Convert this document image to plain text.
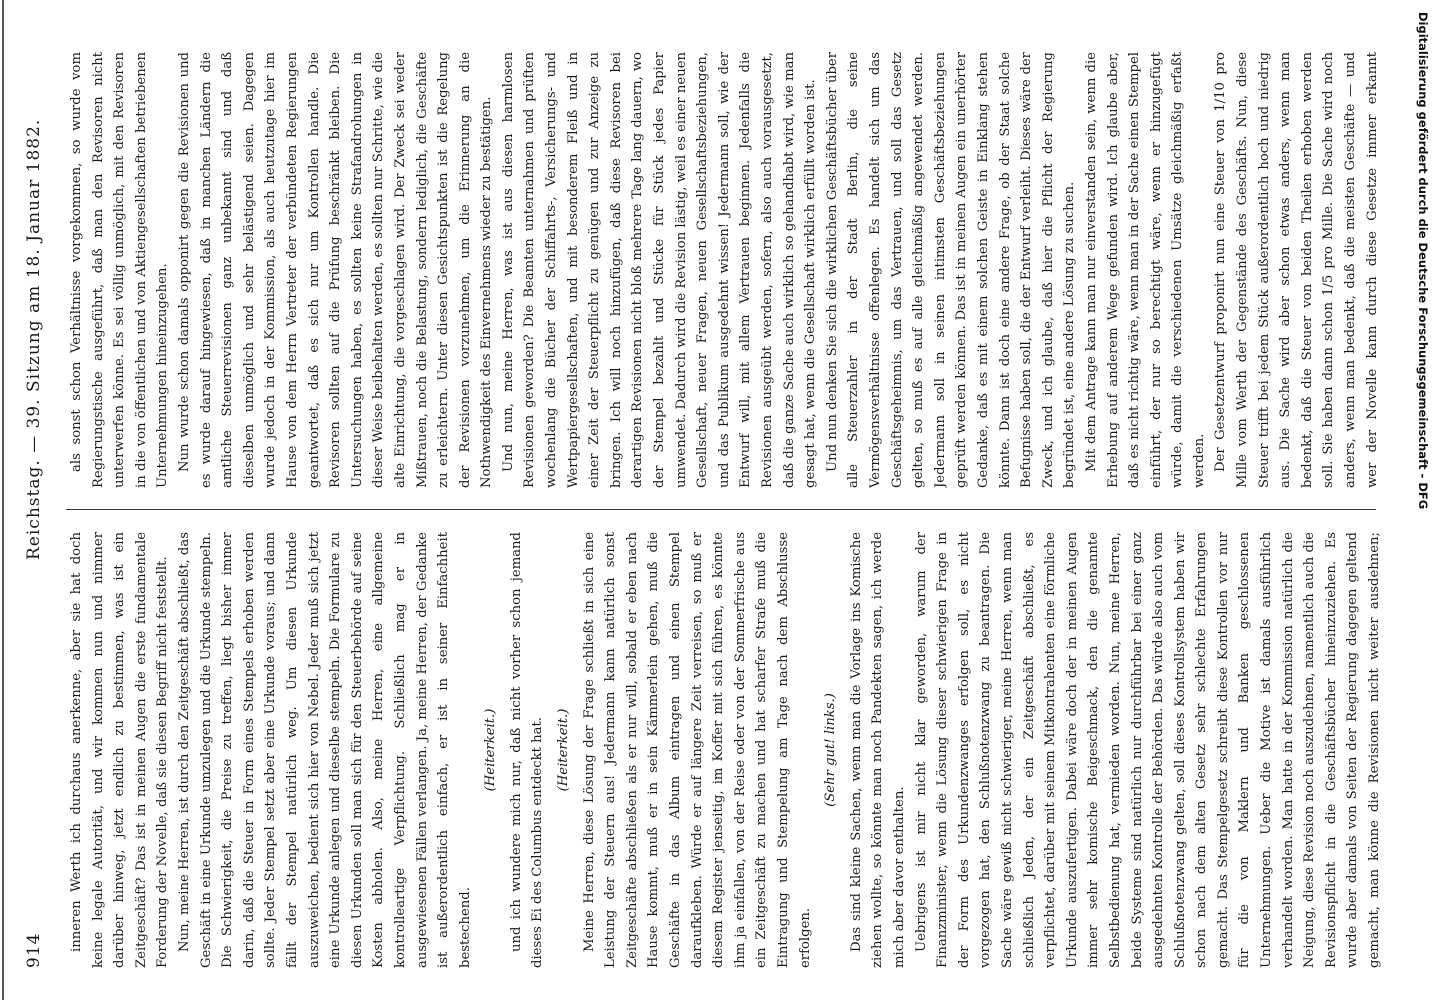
914
Reichstag. — 39. Sitzung am 18. Januar 1882.

inneren Werth ich durchaus anerkenne, aber sie hat doch keine legale Autorität, und wir kommen nun und nimmer darüber hinweg, jetzt endlich zu bestimmen, was ist ein Zeitgeschäft? Das ist in meinen Augen die erste fundamentale Forderung der Novelle, daß sie diesen Begriff nicht feststellt. Nun, meine Herren, ist durch den Zeitgeschäft abschließt, das Geschäft in eine Urkunde umzulegen und die Urkunde stempeln. Die Schwierigkeit, die Preise zu treffen, liegt bisher immer darin, daß die Steuer in Form eines Stempels erhoben werden sollte. Jeder Stempel setzt aber eine Urkunde voraus; und dann fällt der Stempel natürlich weg. Um diesen Urkunde auszuweichen, bedient sich hier von Nebel. Jeder muß sich jetzt eine Urkunde anlegen und dieselbe stempeln. Die Formulare zu diesen Urkunden soll man sich für den Steuerbehörde auf seine Kosten abholen. Also, meine Herren, eine allgemeine kontrolleartige Verpflichtung. Schließlich mag er in ausgewiesenen Fällen verlangen. Ja, meine Herren, der Gedanke ist außerordentlich einfach, er ist in seiner Einfachheit bestechend.

(Heiterkeit.) und ich wundere mich nur, daß nicht vorher schon jemand dieses Ei des Columbus entdeckt hat. (Heiterkeit.) Meine Herren, diese Lösung der Frage schließt in sich eine Leistung der Steuern aus! Jedermann kann natürlich sonst Zeitgeschäfte abschließen als er nur will, sobald er eben nach Hause kommt, muß er in sein Kämmerlein gehen, muß die Geschäfte in das Album eintragen und einen Stempel daraufkleben. Würde er auf längere Zeit verreisen, so muß er diesem Register jenseitig, im Koffer mit sich führen, es könnte ihm ja einfallen, von der Reise oder von der Sommerfrische aus ein Zeitgeschäft zu machen und hat scharfer Strafe muß die Eintragung und Stempelung am Tage nach dem Abschlusse erfolgen.

(Sehr gut! links.) Das sind kleine Sachen, wenn man die Vorlage ins Komische ziehen wollte, so könnte man noch Pandekten sagen, ich werde mich aber davor enthalten. Uebrigens ist mir nicht klar geworden, warum der Finanzminister, wenn die Lösung dieser schwierigen Frage in der Form des Urkundenzwanges erfolgen soll, es nicht vorgezogen hat, den Schlußnotenzwang zu beantragen. Die Sache wäre gewiß nicht schwieriger, meine Herren, wenn man schließlich Jeden, der ein Zeitgeschäft abschließt, es verpflichtet, darüber mit seinem Mitkontrahenten eine förmliche Urkunde auszufertigen. Dabei wäre doch der in meinen Augen immer sehr komische Beigeschmack, den die genannte Selbstbedienung hat, vermieden worden. Nun, meine Herren, beide Systeme sind natürlich nur durchführbar bei einer ganz ausgedehnten Kontrolle der Behörden. Das würde also auch vom Schlußnotenzwang gelten, soll dieses Kontrollsystem haben wir schon nach dem alten Gesetz sehr schlechte Erfahrungen gemacht. Das Stempelgesetz schreibt diese Kontrollen vor nur für die von Maklern und Banken geschlossenen Unternehmungen. Ueber die Motive ist damals ausführlich verhandelt worden. Man hatte in der Kommission natürlich die Neigung, diese Revision noch auszudehnen, namentlich auch die Revisionspflicht in die Geschäftsbücher hineinzuziehen. Es wurde aber damals von Seiten der Regierung dagegen geltend gemacht, man könne die Revisionen nicht weiter ausdehnen;

als sonst schon Verhältnisse vorgekommen, so wurde vom Regierungstische ausgeführt, daß man den Revisoren nicht unterwerfen könne. Es sei völlig unmöglich, mit den Revisoren in die von öffentlichen und von Aktiengesellschaften betriebenen Unternehmungen hineinzugehen. Nun wurde schon damals opponirt gegen die Revisionen und es wurde darauf hingewiesen, daß in manchen Ländern die amtliche Steuerrevisionen ganz unbekannt sind und daß dieselben unmöglich und sehr belästigend seien. Dagegen wurde jedoch in der Kommission, als auch heutzutage hier im Hause von dem Herrn Vertreter der verbündeten Regierungen geantwortet, daß es sich nur um Kontrollen handle. Die Revisoren sollten auf die Prüfung beschränkt bleiben. Die Untersuchungen haben, es sollten keine Strafandrohungen in dieser Weise beibehalten werden, es sollten nur Schritte, wie die alte Einrichtung, die vorgeschlagen wird. Der Zweck sei weder Mißtrauen, noch die Belastung, sondern lediglich, die Geschäfte zu erleichtern. Unter diesen Gesichtspunkten ist die Regelung der Revisionen vorzunehmen, um die Erinnerung an die Nothwendigkeit des Einvernehmens wieder zu bestätigen. Und nun, meine Herren, was ist aus diesen harmlosen Revisionen geworden? Die Beamten unternahmen und prüften wochenlang die Bücher der Schiffahrts-, Versicherungs- und Wertpapiergesellschaften, und mit besonderem Fleiß und in einer Zeit der Steuerpflicht zu genügen und zur Anzeige zu bringen. Ich will noch hinzufügen, daß diese Revisoren bei derartigen Revisionen nicht bloß mehrere Tage lang dauern, wo der Stempel bezahlt und Stücke für Stück jedes Papier umwendet. Dadurch wird die Revision lästig, weil es einer neuen Gesellschaft, neuer Fragen, neuen Gesellschaftsbeziehungen, und das Publikum ausgedehnt wissen! Jedermann soll, wie der Entwurf will, mit allem Vertrauen beginnen. Jedenfalls die Revisionen ausgeübt werden, sofern, also auch vorausgesetzt, daß die ganze Sache auch wirklich so gehandhabt wird, wie man gesagt hat, wenn die Gesellschaft wirklich erfüllt worden ist. Und nun denken Sie sich die wirklichen Geschäftsbücher über alle Steuerzahler in der Stadt Berlin, die seine Vermögensverhältnisse offenlegen. Es handelt sich um das Geschäftsgeheimnis, um das Vertrauen, und soll das Gesetz gelten, so muß es auf alle gleichmäßig angewendet werden. Jedermann soll in seinen intimsten Geschäftsbeziehungen geprüft werden können. Das ist in meinen Augen ein unerhörter Gedanke, daß es mit einem solchen Geiste in Einklang stehen könnte. Dann ist doch eine andere Frage, ob der Staat solche Befugnisse haben soll, die der Entwurf verleiht. Dieses wäre der Zweck, und ich glaube, daß hier die Pflicht der Regierung begründet ist, eine andere Lösung zu suchen. Mit dem Antrage kann man nur einverstanden sein, wenn die Erhebung auf anderem Wege gefunden wird. Ich glaube aber, daß es nicht richtig wäre, wenn man in der Sache einen Stempel einführt, der nur so berechtigt wäre, wenn er hinzugefügt würde, damit die verschiedenen Umsätze gleichmäßig erfaßt werden. Der Gesetzentwurf proponirt nun eine Steuer von 1/10 pro Mille vom Werth der Gegenstände des Geschäfts. Nun, diese Steuer trifft bei jedem Stück außerordentlich hoch und niedrig aus. Die Sache wird aber schon etwas anders, wenn man bedenkt, daß die Steuer von beiden Theilen erhoben werden soll. Sie haben dann schon 1/5 pro Mille. Die Sache wird noch anders, wenn man bedenkt, daß die meisten Geschäfte — und wer der Novelle kann durch diese Gesetze immer erkannt	Digitalisierung gefördert durch die Deutsche Forschungsgemeinschaft - DFG
